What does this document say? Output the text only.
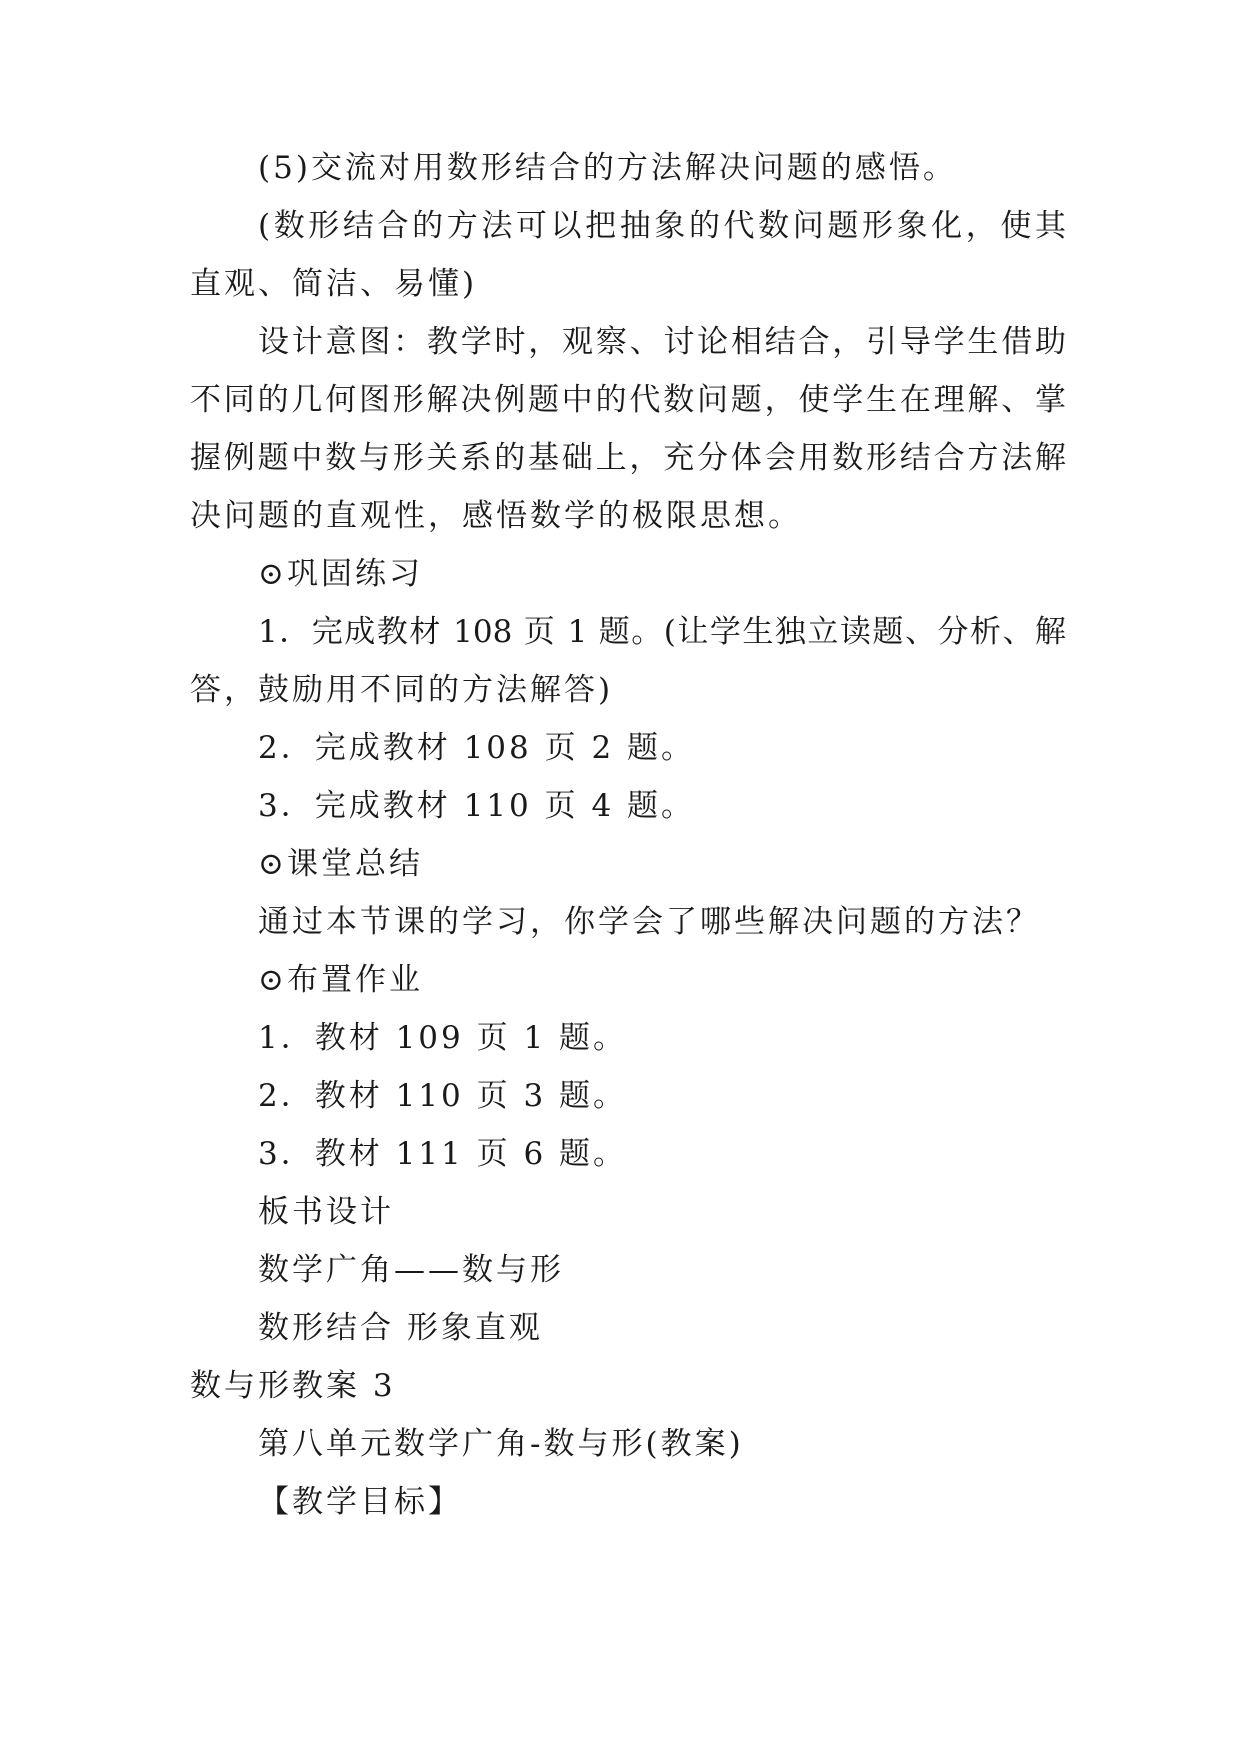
(5)交流对用数形结合的方法解决问题的感悟。
(数形结合的方法可以把抽象的代数问题形象化，使其
直观、简洁、易懂)
设计意图：教学时，观察、讨论相结合，引导学生借助
不同的几何图形解决例题中的代数问题，使学生在理解、掌
握例题中数与形关系的基础上，充分体会用数形结合方法解
决问题的直观性，感悟数学的极限思想。
⊙巩固练习
1．完成教材 108 页 1 题。(让学生独立读题、分析、解
答，鼓励用不同的方法解答)
2．完成教材 108 页 2 题。
3．完成教材 110 页 4 题。
⊙课堂总结
通过本节课的学习，你学会了哪些解决问题的方法？
⊙布置作业
1．教材 109 页 1 题。
2．教材 110 页 3 题。
3．教材 111 页 6 题。
板书设计
数学广角——数与形
数形结合 形象直观
数与形教案 3
第八单元数学广角-数与形(教案)
【教学目标】
